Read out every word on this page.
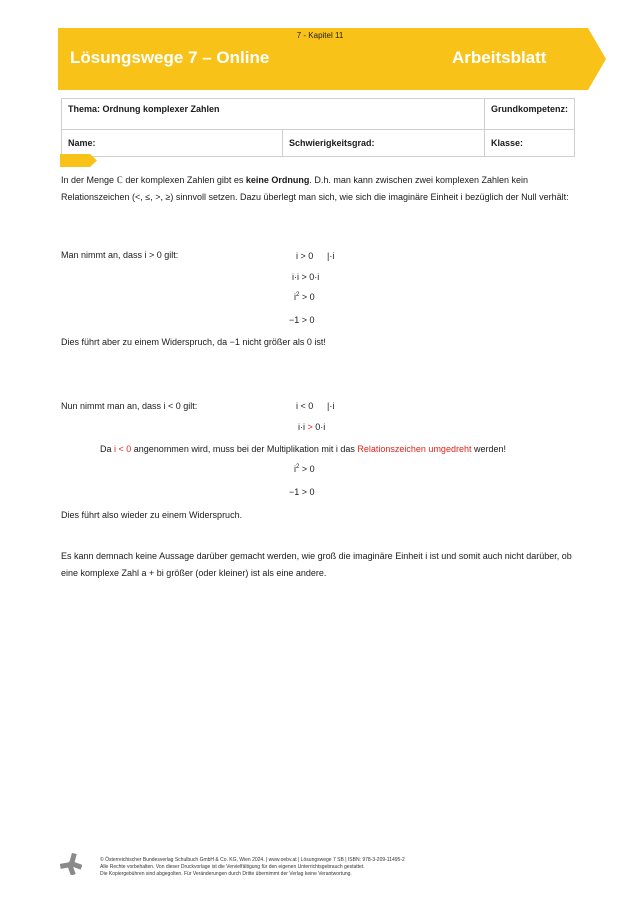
7 - Kapitel 11
Lösungswege 7 – Online	Arbeitsblatt
Thema: Ordnung komplexer Zahlen		Grundkompetenz:
Name:	Schwierigkeitsgrad:	Klasse:
In der Menge ℂ der komplexen Zahlen gibt es keine Ordnung. D.h. man kann zwischen zwei komplexen Zahlen kein Relationszeichen (<, ≤, >, ≥) sinnvoll setzen. Dazu überlegt man sich, wie sich die imaginäre Einheit i bezüglich der Null verhält:
Man nimmt an, dass i > 0 gilt:	i > 0 |·i
i·i > 0·i
$i^2 > 0$
−1 > 0
Dies führt aber zu einem Widerspruch, da −1 nicht größer als 0 ist!
Nun nimmt man an, dass i < 0 gilt:	i < 0 |·i
i·i > 0·i
Da i < 0 angenommen wird, muss bei der Multiplikation mit i das Relationszeichen umgedreht werden!
$i^2 > 0$
−1 > 0
Dies führt also wieder zu einem Widerspruch.
Es kann demnach keine Aussage darüber gemacht werden, wie groß die imaginäre Einheit i ist und somit auch nicht darüber, ob eine komplexe Zahl a + bi größer (oder kleiner) ist als eine andere.
© Österreichischer Bundesverlag Schulbuch GmbH & Co. KG, Wien 2024. | www.oebv.at | Lösungswege 7 SB | ISBN: 978-3-209-11495-2
Alle Rechte vorbehalten. Von dieser Druckvorlage ist die Vervielfältigung für den eigenen Unterrichtsgebrauch gestattet.
Die Kopiergebühren sind abgegolten. Für Veränderungen durch Dritte übernimmt der Verlag keine Verantwortung.
